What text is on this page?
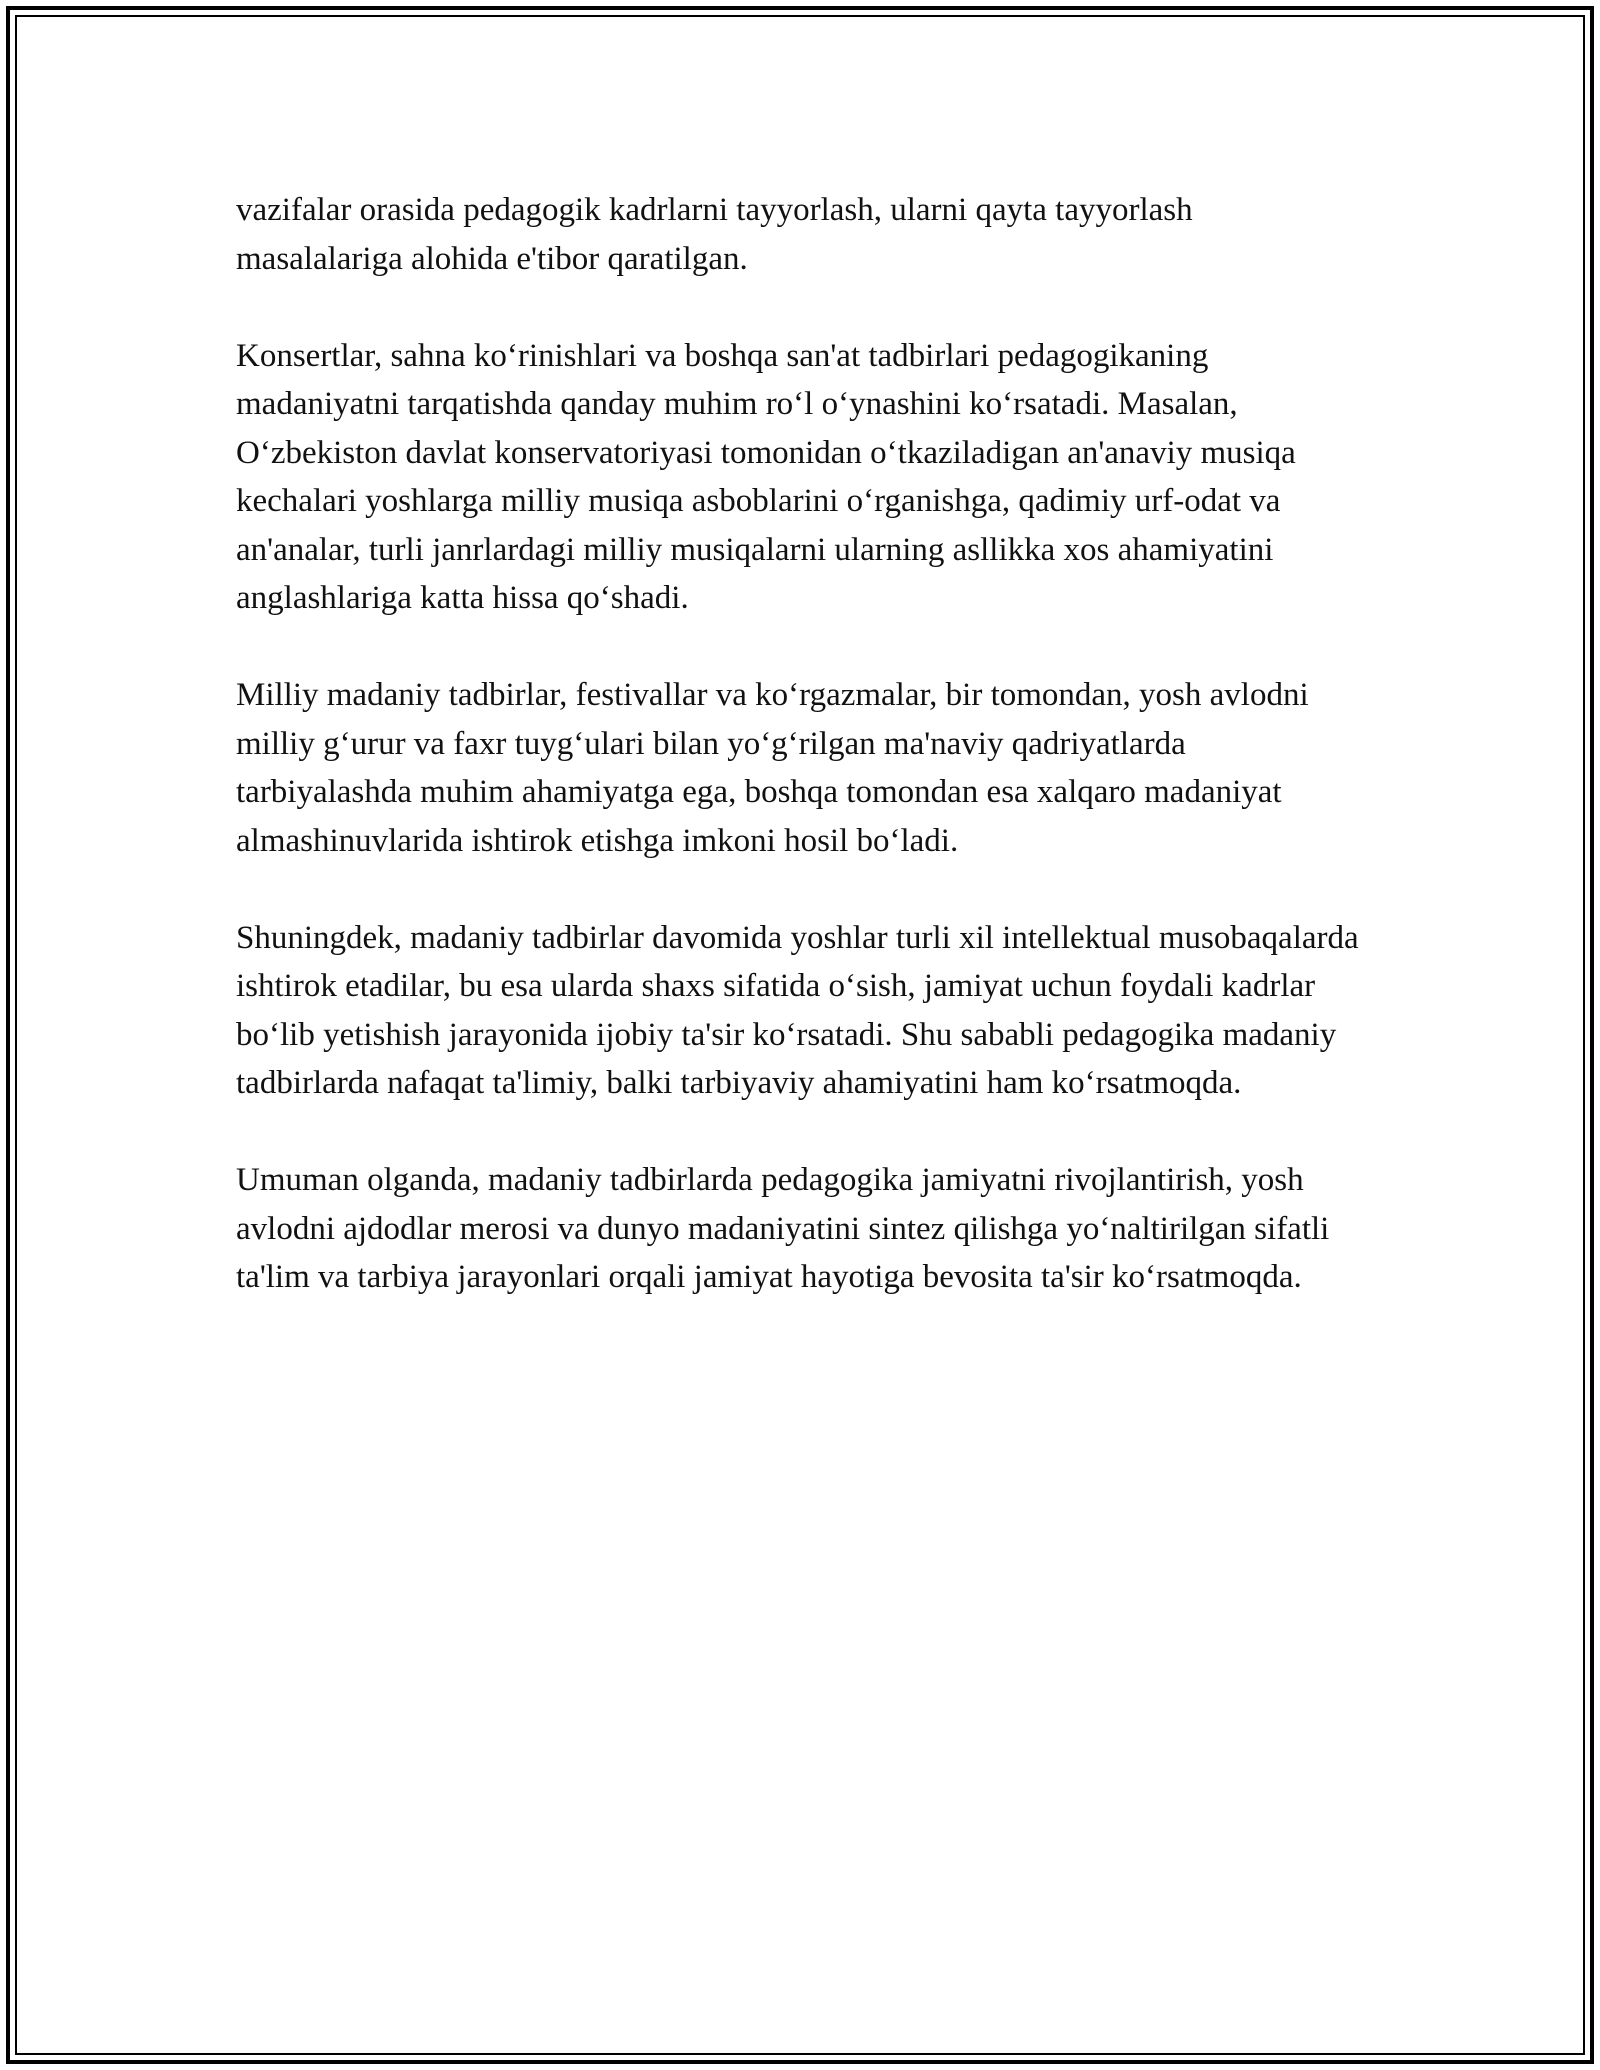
vazifalar orasida pedagogik kadrlarni tayyorlash, ularni qayta tayyorlash masalalariga alohida e'tibor qaratilgan.

Konsertlar, sahna ko‘rinishlari va boshqa san'at tadbirlari pedagogikaning madaniyatni tarqatishda qanday muhim ro‘l o‘ynashini ko‘rsatadi. Masalan, O‘zbekiston davlat konservatoriyasi tomonidan o‘tkaziladigan an'anaviy musiqa kechalari yoshlarga milliy musiqa asboblarini o‘rganishga, qadimiy urf-odat va an'analar, turli janrlardagi milliy musiqalarni ularning asllikka xos ahamiyatini anglashlariga katta hissa qo‘shadi.

Milliy madaniy tadbirlar, festivallar va ko‘rgazmalar, bir tomondan, yosh avlodni milliy g‘urur va faxr tuyg‘ulari bilan yo‘g‘rilgan ma'naviy qadriyatlarda tarbiyalashda muhim ahamiyatga ega, boshqa tomondan esa xalqaro madaniyat almashinuvlarida ishtirok etishga imkoni hosil bo‘ladi.

Shuningdek, madaniy tadbirlar davomida yoshlar turli xil intellektual musobaqalarda ishtirok etadilar, bu esa ularda shaxs sifatida o‘sish, jamiyat uchun foydali kadrlar bo‘lib yetishish jarayonida ijobiy ta'sir ko‘rsatadi. Shu sababli pedagogika madaniy tadbirlarda nafaqat ta'limiy, balki tarbiyaviy ahamiyatini ham ko‘rsatmoqda.

Umuman olganda, madaniy tadbirlarda pedagogika jamiyatni rivojlantirish, yosh avlodni ajdodlar merosi va dunyo madaniyatini sintez qilishga yo‘naltirilgan sifatli ta'lim va tarbiya jarayonlari orqali jamiyat hayotiga bevosita ta'sir ko‘rsatmoqda.
